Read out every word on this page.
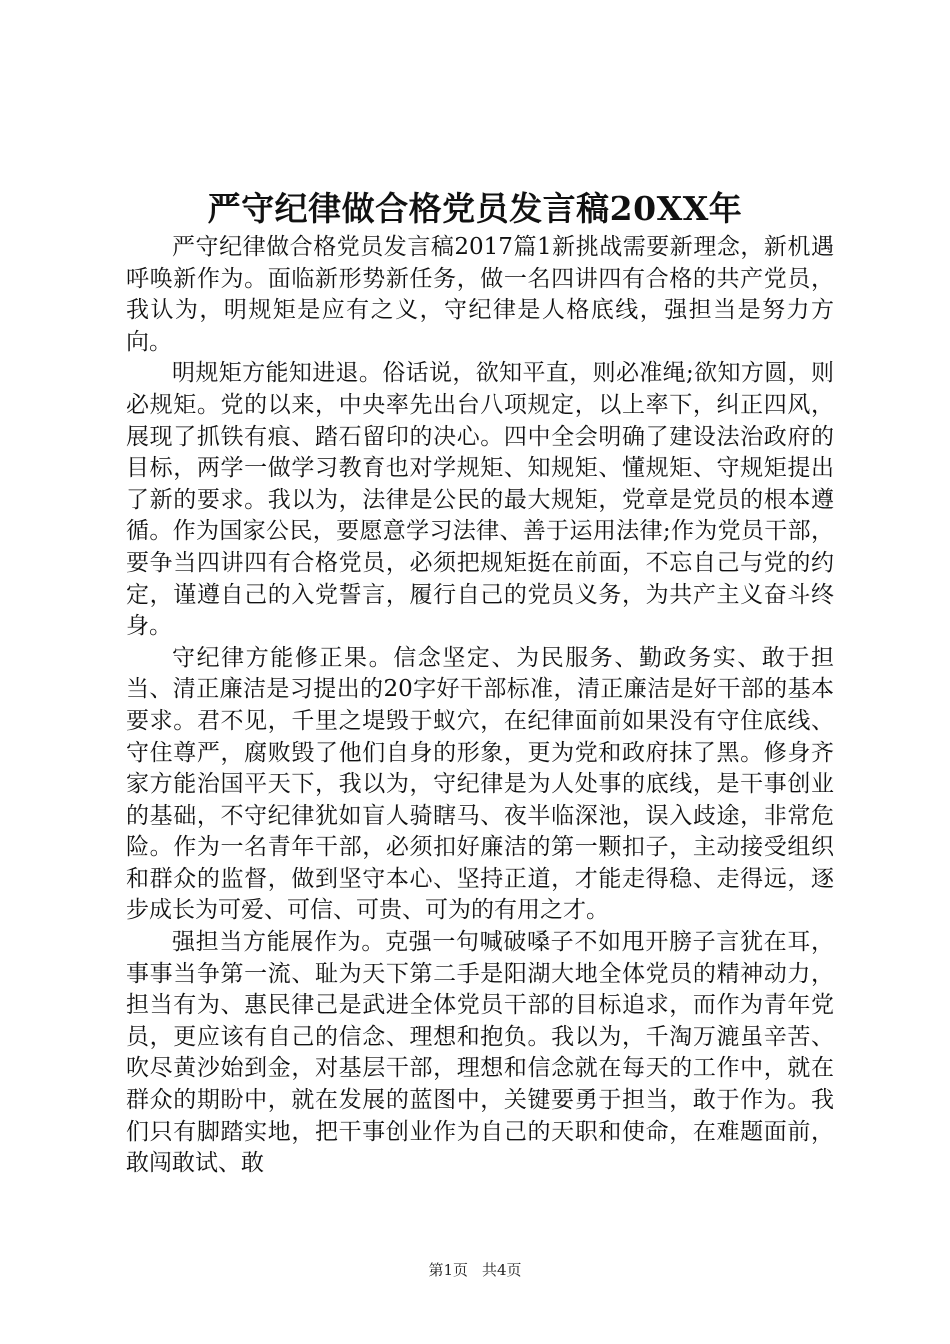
严守纪律做合格党员发言稿20XX年

严守纪律做合格党员发言稿2017篇1新挑战需要新理念，新机遇呼唤新作为。面临新形势新任务，做一名四讲四有合格的共产党员，我认为，明规矩是应有之义，守纪律是人格底线，强担当是努力方向。

明规矩方能知进退。俗话说，欲知平直，则必准绳;欲知方圆，则必规矩。党的以来，中央率先出台八项规定，以上率下，纠正四风，展现了抓铁有痕、踏石留印的决心。四中全会明确了建设法治政府的目标，两学一做学习教育也对学规矩、知规矩、懂规矩、守规矩提出了新的要求。我以为，法律是公民的最大规矩，党章是党员的根本遵循。作为国家公民，要愿意学习法律、善于运用法律;作为党员干部，要争当四讲四有合格党员，必须把规矩挺在前面，不忘自己与党的约定，谨遵自己的入党誓言，履行自己的党员义务，为共产主义奋斗终身。

守纪律方能修正果。信念坚定、为民服务、勤政务实、敢于担当、清正廉洁是习提出的20字好干部标准，清正廉洁是好干部的基本要求。君不见，千里之堤毁于蚁穴，在纪律面前如果没有守住底线、守住尊严，腐败毁了他们自身的形象，更为党和政府抹了黑。修身齐家方能治国平天下，我以为，守纪律是为人处事的底线，是干事创业的基础，不守纪律犹如盲人骑瞎马、夜半临深池，误入歧途，非常危险。作为一名青年干部，必须扣好廉洁的第一颗扣子，主动接受组织和群众的监督，做到坚守本心、坚持正道，才能走得稳、走得远，逐步成长为可爱、可信、可贵、可为的有用之才。

强担当方能展作为。克强一句喊破嗓子不如甩开膀子言犹在耳，事事当争第一流、耻为天下第二手是阳湖大地全体党员的精神动力，担当有为、惠民律己是武进全体党员干部的目标追求，而作为青年党员，更应该有自己的信念、理想和抱负。我以为，千淘万漉虽辛苦、吹尽黄沙始到金，对基层干部，理想和信念就在每天的工作中，就在群众的期盼中，就在发展的蓝图中，关键要勇于担当，敢于作为。我们只有脚踏实地，把干事创业作为自己的天职和使命，在难题面前，敢闯敢试、敢

第1页 共4页
